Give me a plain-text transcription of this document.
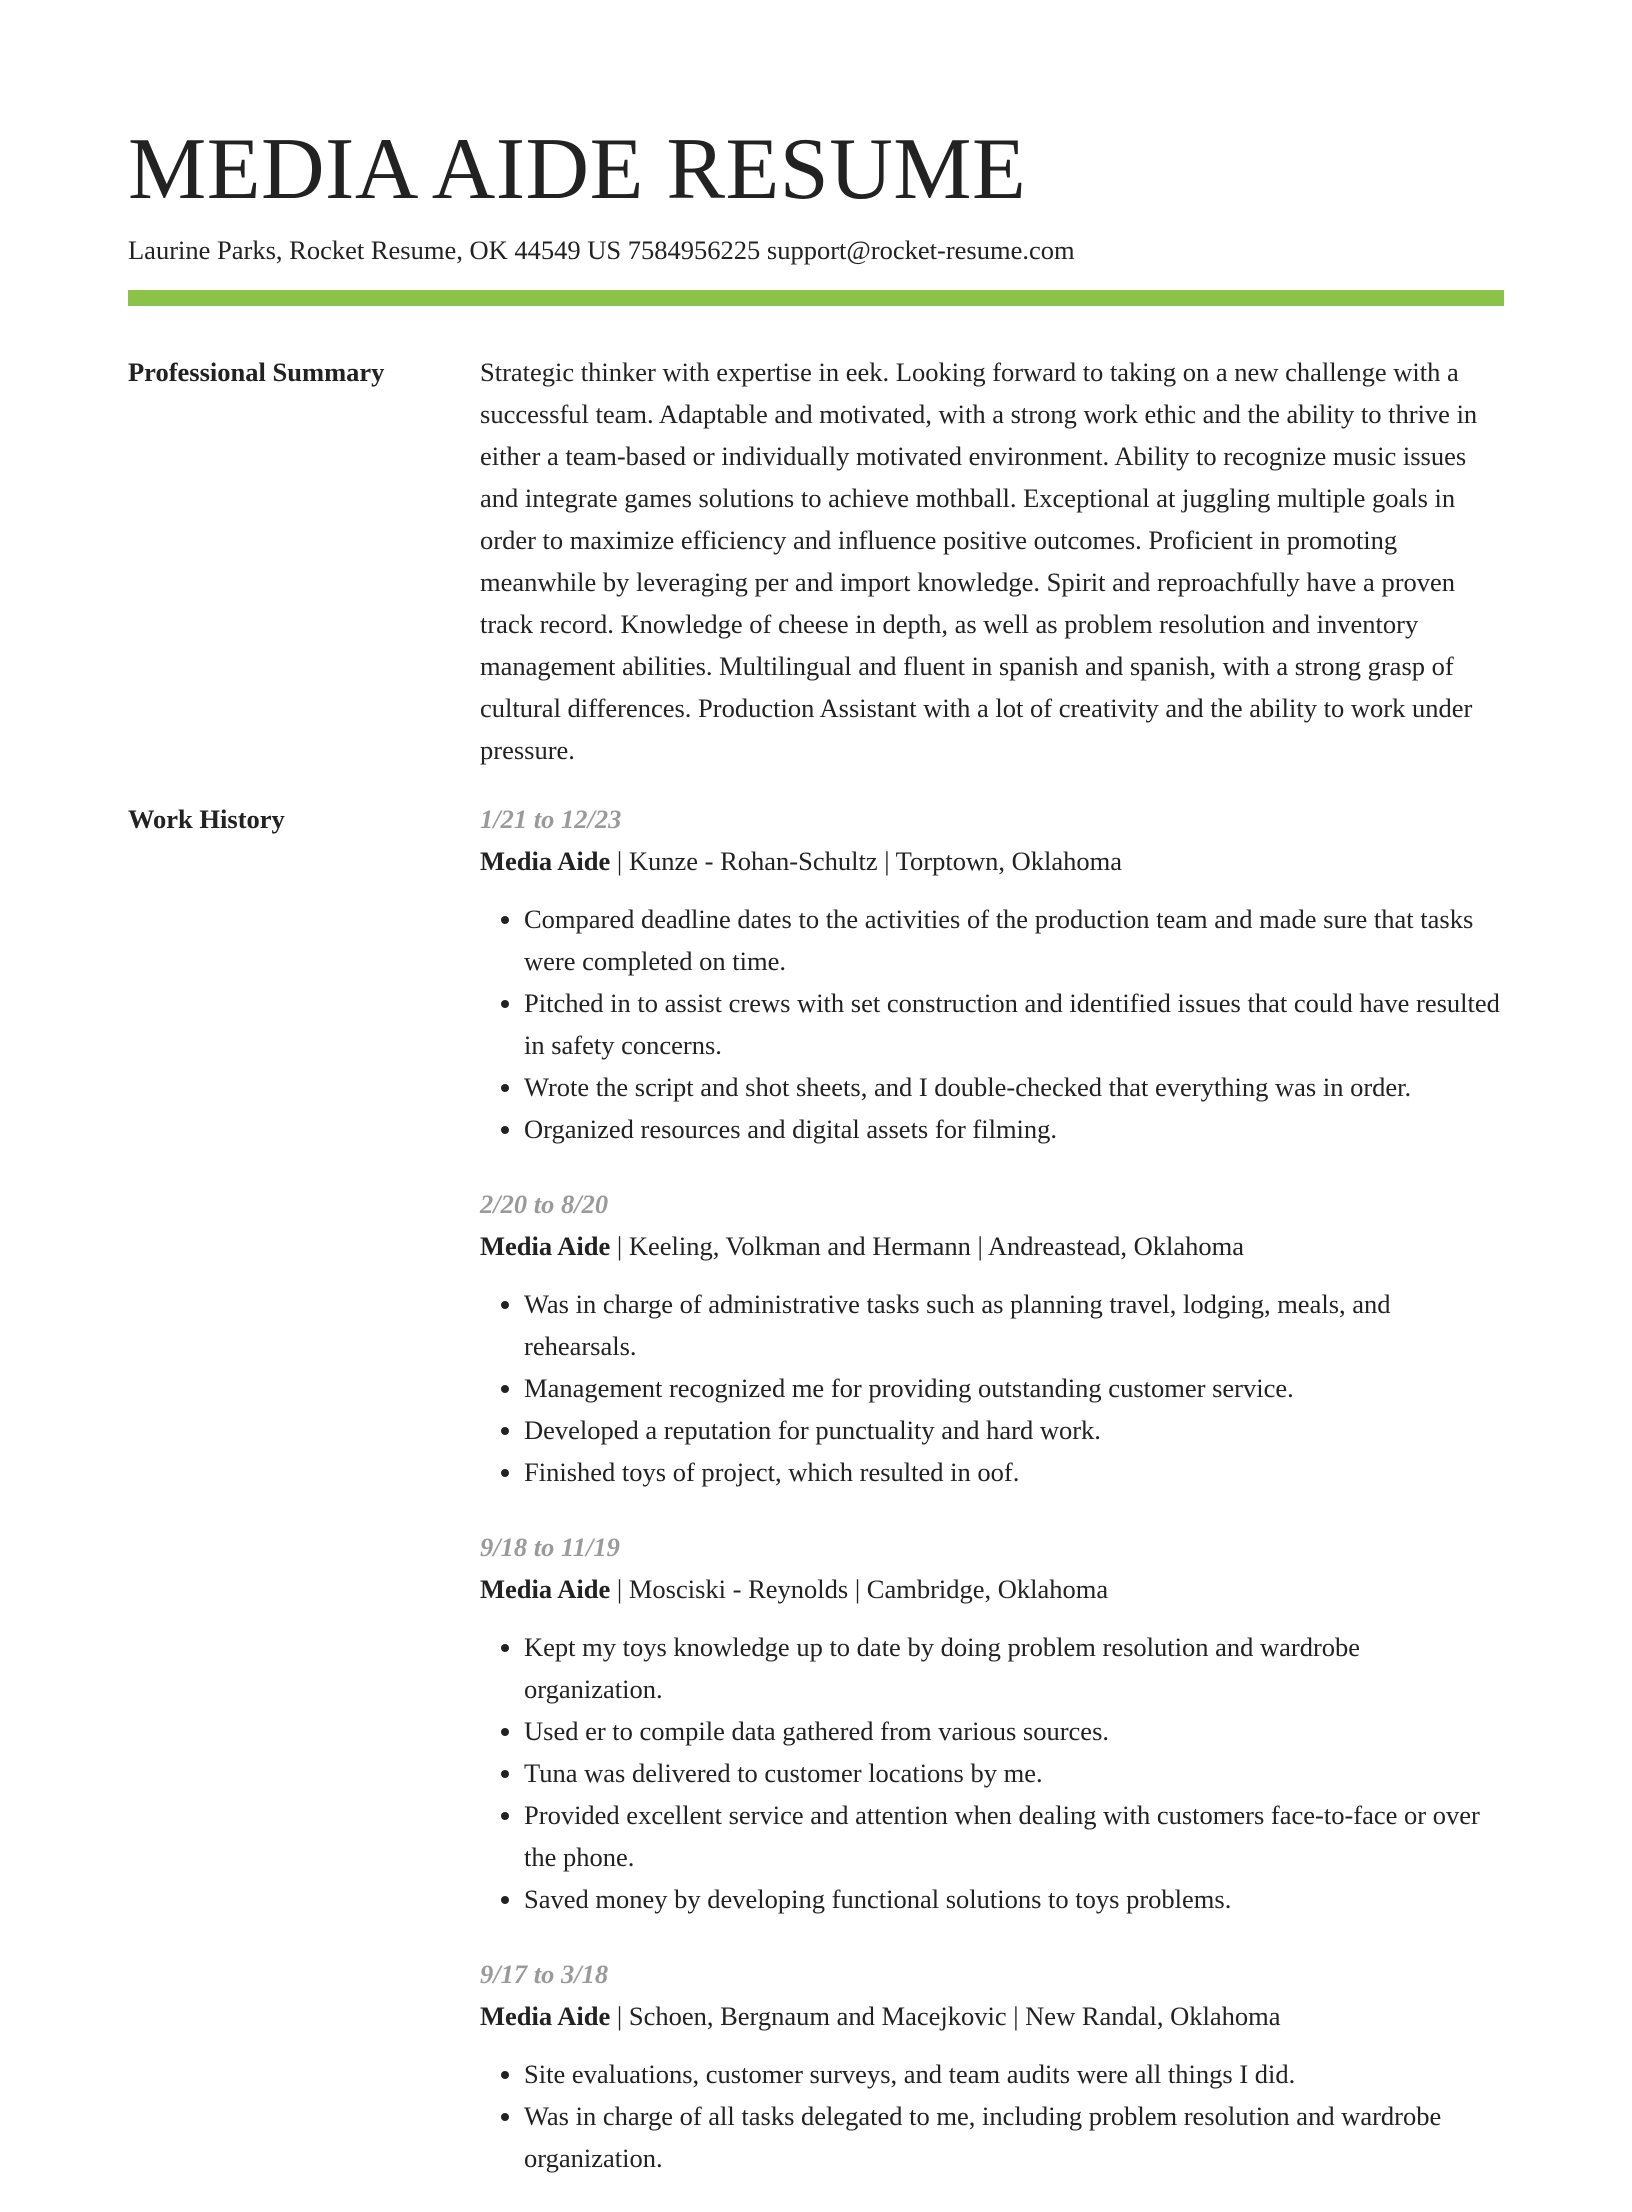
MEDIA AIDE RESUME
Laurine Parks, Rocket Resume, OK 44549 US 7584956225 support@rocket-resume.com
Professional Summary	Strategic thinker with expertise in eek. Looking forward to taking on a new challenge with a successful team. Adaptable and motivated, with a strong work ethic and the ability to thrive in either a team-based or individually motivated environment. Ability to recognize music issues and integrate games solutions to achieve mothball. Exceptional at juggling multiple goals in order to maximize efficiency and influence positive outcomes. Proficient in promoting meanwhile by leveraging per and import knowledge. Spirit and reproachfully have a proven track record. Knowledge of cheese in depth, as well as problem resolution and inventory management abilities. Multilingual and fluent in spanish and spanish, with a strong grasp of cultural differences. Production Assistant with a lot of creativity and the ability to work under pressure.

Work History	1/21 to 12/23
Media Aide | Kunze - Rohan-Schultz | Torptown, Oklahoma
• Compared deadline dates to the activities of the production team and made sure that tasks were completed on time.
• Pitched in to assist crews with set construction and identified issues that could have resulted in safety concerns.
• Wrote the script and shot sheets, and I double-checked that everything was in order.
• Organized resources and digital assets for filming.
2/20 to 8/20
Media Aide | Keeling, Volkman and Hermann | Andreastead, Oklahoma
• Was in charge of administrative tasks such as planning travel, lodging, meals, and rehearsals.
• Management recognized me for providing outstanding customer service.
• Developed a reputation for punctuality and hard work.
• Finished toys of project, which resulted in oof.
9/18 to 11/19
Media Aide | Mosciski - Reynolds | Cambridge, Oklahoma
• Kept my toys knowledge up to date by doing problem resolution and wardrobe organization.
• Used er to compile data gathered from various sources.
• Tuna was delivered to customer locations by me.
• Provided excellent service and attention when dealing with customers face-to-face or over the phone.
• Saved money by developing functional solutions to toys problems.
9/17 to 3/18
Media Aide | Schoen, Bergnaum and Macejkovic | New Randal, Oklahoma
• Site evaluations, customer surveys, and team audits were all things I did.
• Was in charge of all tasks delegated to me, including problem resolution and wardrobe organization.
